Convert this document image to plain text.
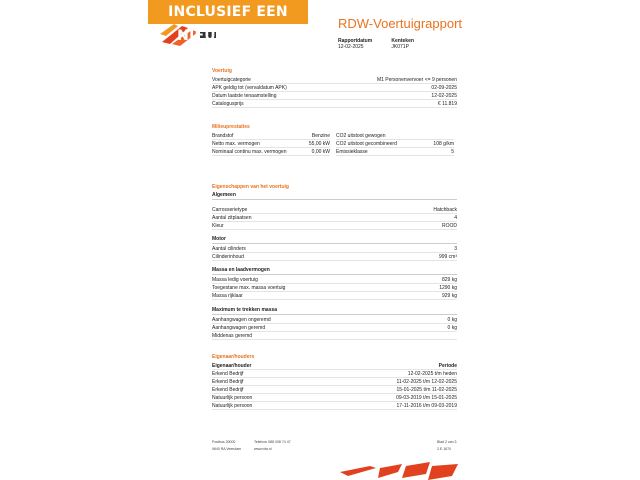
INCLUSIEF EEN NIEUWE APK
RDW-Voertuigrapport
Rapportdatum
12-02-2025

Kenteken
JK071P
Voertuig
Voertuigcategorie	M1 Personenvervoer <= 9 personen
APK geldig tot (vervaldatum APK)	02-09-2025
Datum laatste tenaamstelling	12-02-2025
Catalogusprijs	€ 11.819
Milieuprestaties
Brandstof	Benzine
Netto max. vermogen	55,00 kW
Nominaal continu max. vermogen	0,00 kW
CO2 uitstoot gewogen
CO2 uitstoot gecombineerd	108 g/km
Emissieklasse	5
Eigenschappen van het voertuig
Algemeen
Carrosserietype	Hatchback
Aantal zitplaatsen	4
Kleur	ROOD
Motor
Aantal cilinders	3
Cilinderinhoud	999 cm³
Massa en laadvermogen
Massa ledig voertuig	829 kg
Toegestane max. massa voertuig	1290 kg
Massa rijklaar	929 kg
Maximum te trekken massa
Aanhangwagen ongeremd	0 kg
Aanhangwagen geremd	0 kg
Middenas geremd
Eigenaar/houders
Eigenaar/houder	Periode
Erkend Bedrijf	12-02-2025 t/m heden
Erkend Bedrijf	11-02-2025 t/m 12-02-2025
Erkend Bedrijf	15-01-2025 t/m 11-02-2025
Natuurlijk persoon	09-03-2019 t/m 15-01-2025
Natuurlijk persoon	17-11-2016 t/m 09-03-2019
Postbus 30000
9640 RA Veendam
Telefoon 088 008 74 47
www.rdw.nl
Blad 2 van 3
2.E.1670
